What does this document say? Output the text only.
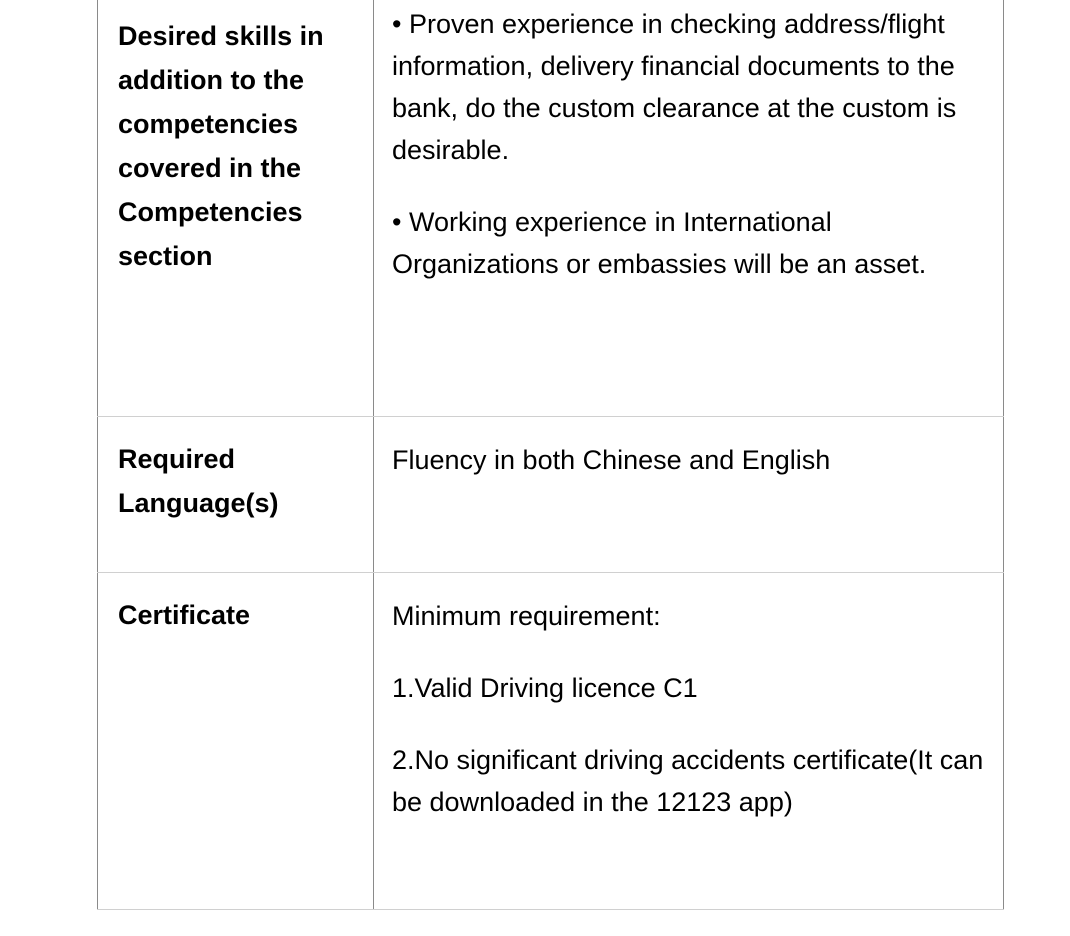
Desired skills in addition to the competencies covered in the Competencies section

• Proven experience in checking address/flight information, delivery financial documents to the bank, do the custom clearance at the custom is desirable.

• Working experience in International Organizations or embassies will be an asset.

Required Language(s)

Fluency in both Chinese and English

Certificate	Minimum requirement:

1.Valid Driving licence C1

2.No significant driving accidents certificate(It can be downloaded in the 12123 app)
